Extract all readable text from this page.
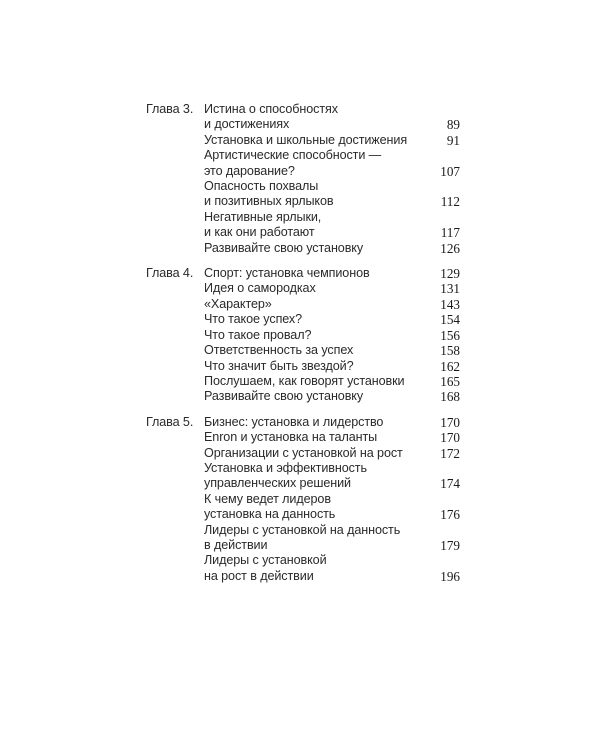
Глава 3. Истина о способностях
и достижениях	89
Установка и школьные достижения	91
Артистические способности —
это дарование?	107
Опасность похвалы
и позитивных ярлыков	112
Негативные ярлыки,
и как они работают	117
Развивайте свою установку	126
Глава 4. Спорт: установка чемпионов	129
Идея о самородках	131
«Характер»	143
Что такое успех?	154
Что такое провал?	156
Ответственность за успех	158
Что значит быть звездой?	162
Послушаем, как говорят установки	165
Развивайте свою установку	168
Глава 5. Бизнес: установка и лидерство	170
Enron и установка на таланты	170
Организации с установкой на рост	172
Установка и эффективность
управленческих решений	174
К чему ведет лидеров
установка на данность	176
Лидеры с установкой на данность
в действии	179
Лидеры с установкой
на рост в действии	196
